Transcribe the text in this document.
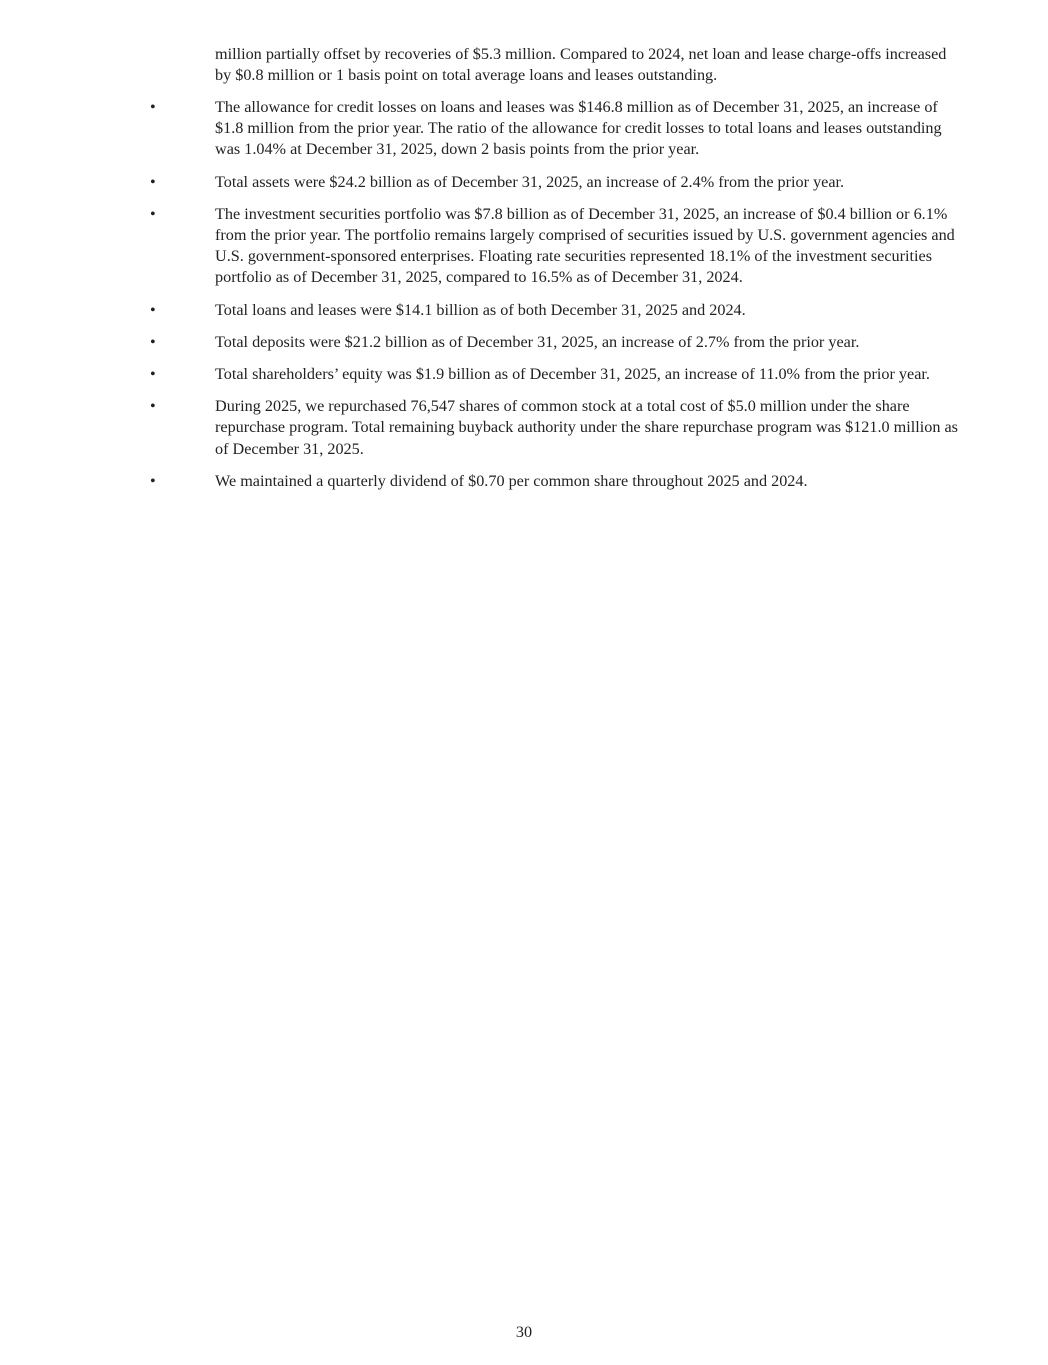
million partially offset by recoveries of $5.3 million. Compared to 2024, net loan and lease charge-offs increased by $0.8 million or 1 basis point on total average loans and leases outstanding.

•	The allowance for credit losses on loans and leases was $146.8 million as of December 31, 2025, an increase of $1.8 million from the prior year. The ratio of the allowance for credit losses to total loans and leases outstanding was 1.04% at December 31, 2025, down 2 basis points from the prior year.
•	Total assets were $24.2 billion as of December 31, 2025, an increase of 2.4% from the prior year.
•	The investment securities portfolio was $7.8 billion as of December 31, 2025, an increase of $0.4 billion or 6.1% from the prior year. The portfolio remains largely comprised of securities issued by U.S. government agencies and U.S. government-sponsored enterprises. Floating rate securities represented 18.1% of the investment securities portfolio as of December 31, 2025, compared to 16.5% as of December 31, 2024.
•	Total loans and leases were $14.1 billion as of both December 31, 2025 and 2024.
•	Total deposits were $21.2 billion as of December 31, 2025, an increase of 2.7% from the prior year.
•	Total shareholders’ equity was $1.9 billion as of December 31, 2025, an increase of 11.0% from the prior year.
•	During 2025, we repurchased 76,547 shares of common stock at a total cost of $5.0 million under the share repurchase program. Total remaining buyback authority under the share repurchase program was $121.0 million as of December 31, 2025.
•	We maintained a quarterly dividend of $0.70 per common share throughout 2025 and 2024.
30
